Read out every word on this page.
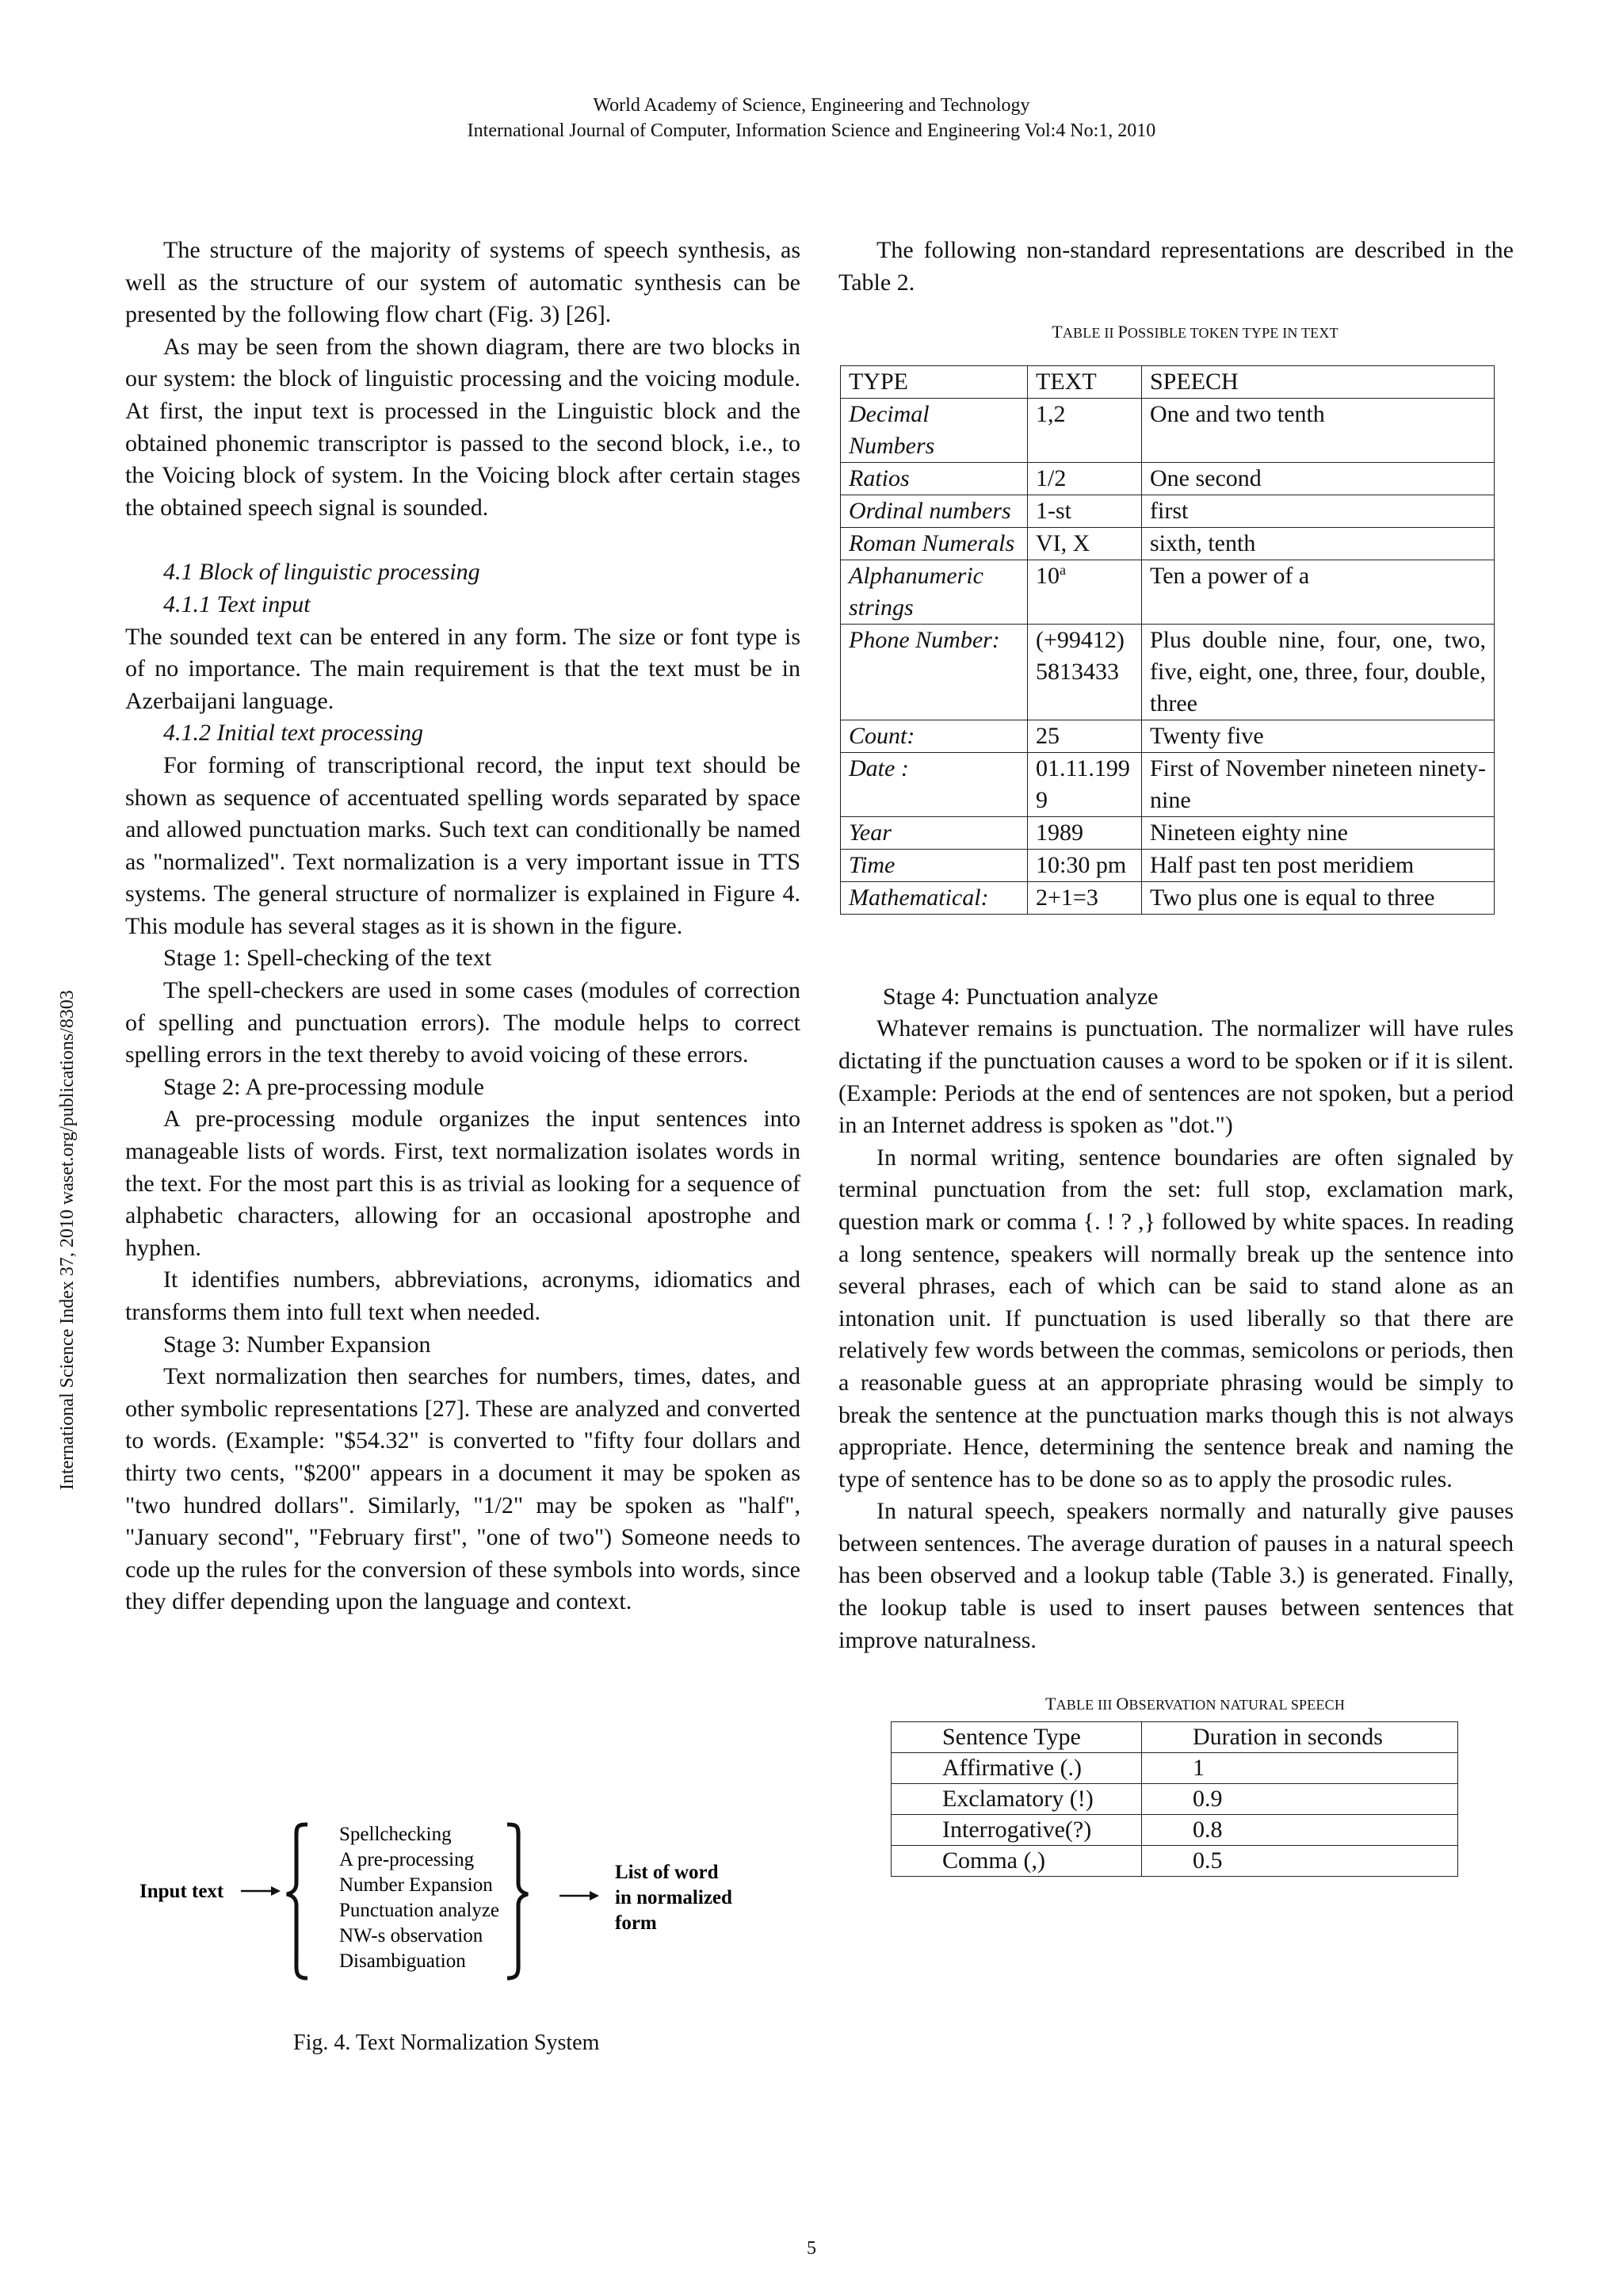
World Academy of Science, Engineering and Technology
International Journal of Computer, Information Science and Engineering Vol:4 No:1, 2010
International Science Index 37, 2010 waset.org/publications/8303

The structure of the majority of systems of speech synthesis, as well as the structure of our system of automatic synthesis can be presented by the following flow chart (Fig. 3) [26].

As may be seen from the shown diagram, there are two blocks in our system: the block of linguistic processing and the voicing module. At first, the input text is processed in the Linguistic block and the obtained phonemic transcriptor is passed to the second block, i.e., to the Voicing block of system. In the Voicing block after certain stages the obtained speech signal is sounded.

4.1 Block of linguistic processing

4.1.1 Text input

The sounded text can be entered in any form. The size or font type is of no importance. The main requirement is that the text must be in Azerbaijani language.

4.1.2 Initial text processing

For forming of transcriptional record, the input text should be shown as sequence of accentuated spelling words separated by space and allowed punctuation marks. Such text can conditionally be named as "normalized". Text normalization is a very important issue in TTS systems. The general structure of normalizer is explained in Figure 4. This module has several stages as it is shown in the figure.

Stage 1: Spell-checking of the text

The spell-checkers are used in some cases (modules of correction of spelling and punctuation errors). The module helps to correct spelling errors in the text thereby to avoid voicing of these errors.

Stage 2: A pre-processing module

A pre-processing module organizes the input sentences into manageable lists of words. First, text normalization isolates words in the text. For the most part this is as trivial as looking for a sequence of alphabetic characters, allowing for an occasional apostrophe and hyphen.

It identifies numbers, abbreviations, acronyms, idiomatics and transforms them into full text when needed.

Stage 3: Number Expansion

Text normalization then searches for numbers, times, dates, and other symbolic representations [27]. These are analyzed and converted to words. (Example: "$54.32" is converted to "fifty four dollars and thirty two cents, "$200" appears in a document it may be spoken as "two hundred dollars". Similarly, "1/2" may be spoken as "half", "January second", "February first", "one of two") Someone needs to code up the rules for the conversion of these symbols into words, since they differ depending upon the language and context.

Input text
Spellchecking
A pre-processing
Number Expansion
Punctuation analyze
NW-s observation
Disambiguation
List of word
in normalized
form
Fig. 4. Text Normalization System

The following non-standard representations are described in the Table 2.

TABLE II POSSIBLE TOKEN TYPE IN TEXT

TYPE	TEXT	SPEECH
Decimal Numbers	1,2	One and two tenth
Ratios	1/2	One second
Ordinal numbers	1-st	first
Roman Numerals	VI, X	sixth, tenth
Alphanumeric strings	10$^a$	Ten a power of a
Phone Number:	(+99412)5813433	Plus double nine, four, one, two, five, eight, one, three, four, double, three
Count:	25	Twenty five
Date :	01.11.1999	First of November nineteen ninety-nine
Year	1989	Nineteen eighty nine
Time	10:30 pm	Half past ten post meridiem
Mathematical:	2+1=3	Two plus one is equal to three

Stage 4: Punctuation analyze

Whatever remains is punctuation. The normalizer will have rules dictating if the punctuation causes a word to be spoken or if it is silent. (Example: Periods at the end of sentences are not spoken, but a period in an Internet address is spoken as "dot.")

In normal writing, sentence boundaries are often signaled by terminal punctuation from the set: full stop, exclamation mark, question mark or comma {. ! ? ,} followed by white spaces. In reading a long sentence, speakers will normally break up the sentence into several phrases, each of which can be said to stand alone as an intonation unit. If punctuation is used liberally so that there are relatively few words between the commas, semicolons or periods, then a reasonable guess at an appropriate phrasing would be simply to break the sentence at the punctuation marks though this is not always appropriate. Hence, determining the sentence break and naming the type of sentence has to be done so as to apply the prosodic rules.

In natural speech, speakers normally and naturally give pauses between sentences. The average duration of pauses in a natural speech has been observed and a lookup table (Table 3.) is generated. Finally, the lookup table is used to insert pauses between sentences that improve naturalness.

TABLE III OBSERVATION NATURAL SPEECH

Sentence Type	Duration in seconds
Affirmative (.)	1
Exclamatory (!)	0.9
Interrogative(?)	0.8
Comma (,)	0.5
5
